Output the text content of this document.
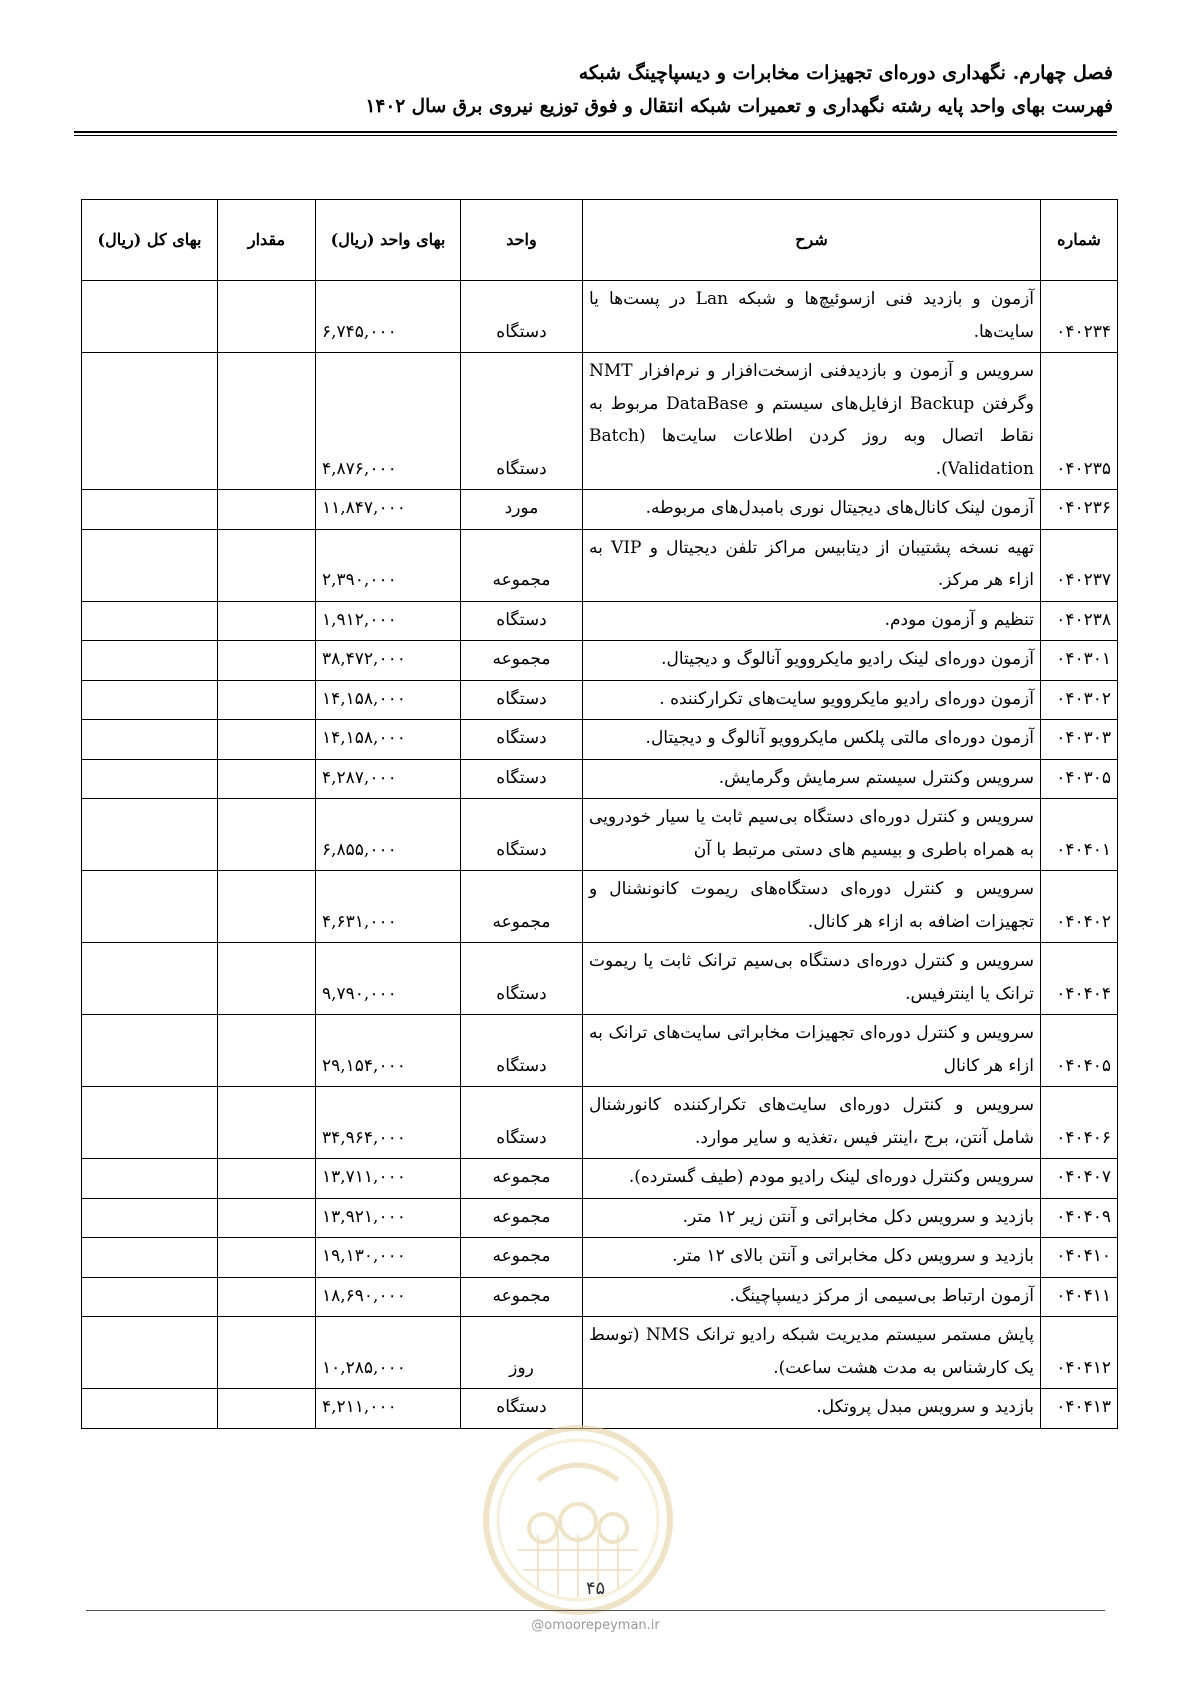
فصل چهارم. نگهداری دوره‌ای تجهیزات مخابرات و دیسپاچینگ شبکه
فهرست بهای واحد پایه رشته نگهداری و تعمیرات شبکه انتقال و فوق توزیع نیروی برق سال ۱۴۰۲
شماره	شرح	واحد	بهای واحد (ریال)	مقدار	بهای کل (ریال)
۰۴۰۲۳۴	آزمون و بازدید فنی ازسوئیچ‌ها و شبکه Lan در پست‌ها یا سایت‌ها.	دستگاه	۶,۷۴۵,۰۰۰		
۰۴۰۲۳۵	سرویس و آزمون و بازدیدفنی ازسخت‌افزار و نرم‌افزار NMT وگرفتن Backup ازفایل‌های سیستم و DataBase مربوط به نقاط اتصال وبه روز کردن اطلاعات سایت‌ها (Batch Validation).	دستگاه	۴,۸۷۶,۰۰۰		
۰۴۰۲۳۶	آزمون لینک کانال‌های دیجیتال نوری بامبدل‌های مربوطه.	مورد	۱۱,۸۴۷,۰۰۰		
۰۴۰۲۳۷	تهیه نسخه پشتیبان از دیتابیس مراکز تلفن دیجیتال و VIP به ازاء هر مرکز.	مجموعه	۲,۳۹۰,۰۰۰		
۰۴۰۲۳۸	تنظیم و آزمون مودم.	دستگاه	۱,۹۱۲,۰۰۰		
۰۴۰۳۰۱	آزمون دوره‌ای لینک رادیو مایکروویو آنالوگ و دیجیتال.	مجموعه	۳۸,۴۷۲,۰۰۰		
۰۴۰۳۰۲	آزمون دوره‌ای رادیو مایکروویو سایت‌های تکرارکننده .	دستگاه	۱۴,۱۵۸,۰۰۰		
۰۴۰۳۰۳	آزمون دوره‌ای مالتی پلکس مایکروویو آنالوگ و دیجیتال.	دستگاه	۱۴,۱۵۸,۰۰۰		
۰۴۰۳۰۵	سرویس وکنترل سیستم سرمایش وگرمایش.	دستگاه	۴,۲۸۷,۰۰۰		
۰۴۰۴۰۱	سرویس و کنترل دوره‌ای دستگاه بی‌سیم ثابت یا سیار خودرویی به همراه باطری و بیسیم های دستی مرتبط با آن	دستگاه	۶,۸۵۵,۰۰۰		
۰۴۰۴۰۲	سرویس و کنترل دوره‌ای دستگاه‌های ریموت کانونشنال و تجهیزات اضافه به ازاء هر کانال.	مجموعه	۴,۶۳۱,۰۰۰		
۰۴۰۴۰۴	سرویس و کنترل دوره‌ای دستگاه بی‌سیم ترانک ثابت یا ریموت ترانک یا اینترفیس.	دستگاه	۹,۷۹۰,۰۰۰		
۰۴۰۴۰۵	سرویس و کنترل دوره‌ای تجهیزات مخابراتی سایت‌های ترانک به ازاء هر کانال	دستگاه	۲۹,۱۵۴,۰۰۰		
۰۴۰۴۰۶	سرویس و کنترل دوره‌ای سایت‌های تکرارکننده کانورشنال شامل آنتن، برج ،اینتر فیس ،تغذیه و سایر موارد.	دستگاه	۳۴,۹۶۴,۰۰۰		
۰۴۰۴۰۷	سرویس وکنترل دوره‌ای لینک رادیو مودم (طیف گسترده).	مجموعه	۱۳,۷۱۱,۰۰۰		
۰۴۰۴۰۹	بازدید و سرویس دکل مخابراتی و آنتن زیر ۱۲ متر.	مجموعه	۱۳,۹۲۱,۰۰۰		
۰۴۰۴۱۰	بازدید و سرویس دکل مخابراتی و آنتن بالای ۱۲ متر.	مجموعه	۱۹,۱۳۰,۰۰۰		
۰۴۰۴۱۱	آزمون ارتباط بی‌سیمی از مرکز دیسپاچینگ.	مجموعه	۱۸,۶۹۰,۰۰۰		
۰۴۰۴۱۲	پایش مستمر سیستم مدیریت شبکه رادیو ترانک NMS (توسط یک کارشناس به مدت هشت ساعت).	روز	۱۰,۲۸۵,۰۰۰		
۰۴۰۴۱۳	بازدید و سرویس مبدل پروتکل.	دستگاه	۴,۲۱۱,۰۰۰		
۴۵
@omoorepeyman.ir
